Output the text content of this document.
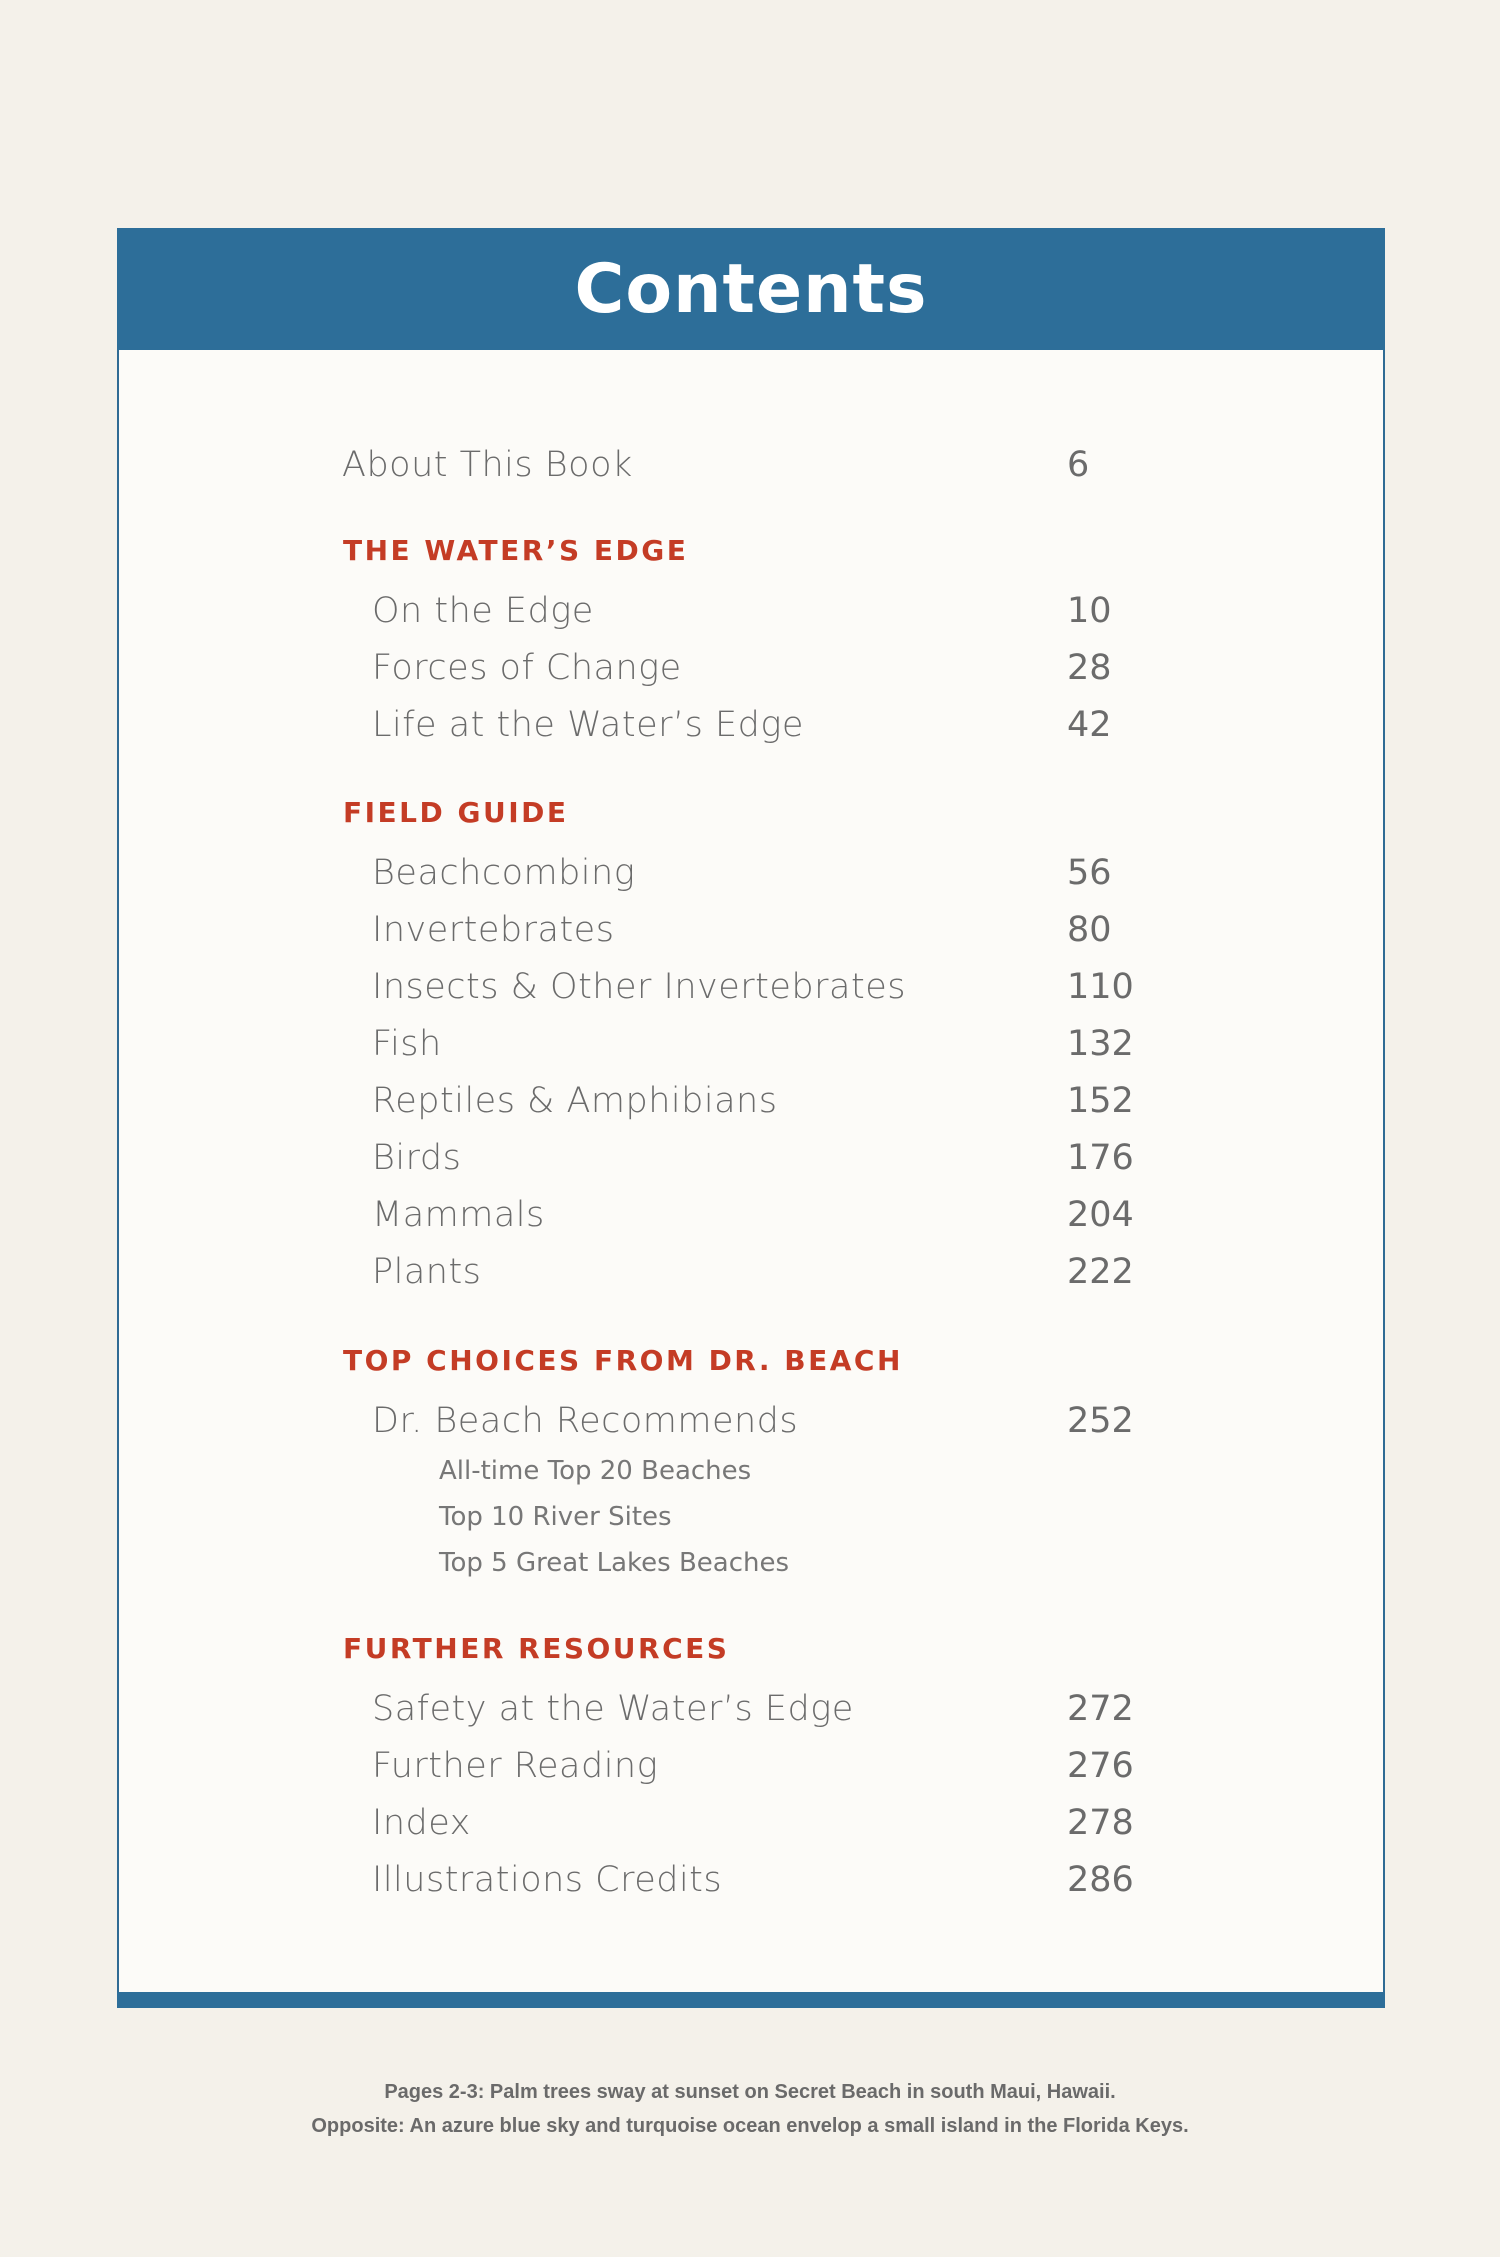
Contents
About This Book	6
THE WATER’S EDGE
On the Edge	10
Forces of Change	28
Life at the Water’s Edge	42
FIELD GUIDE
Beachcombing	56
Invertebrates	80
Insects & Other Invertebrates	110
Fish	132
Reptiles & Amphibians	152
Birds	176
Mammals	204
Plants	222
TOP CHOICES FROM DR. BEACH
Dr. Beach Recommends	252
All-time Top 20 Beaches
Top 10 River Sites
Top 5 Great Lakes Beaches
FURTHER RESOURCES
Safety at the Water’s Edge	272
Further Reading	276
Index	278
Illustrations Credits	286
Pages 2-3: Palm trees sway at sunset on Secret Beach in south Maui, Hawaii.
Opposite: An azure blue sky and turquoise ocean envelop a small island in the Florida Keys.
